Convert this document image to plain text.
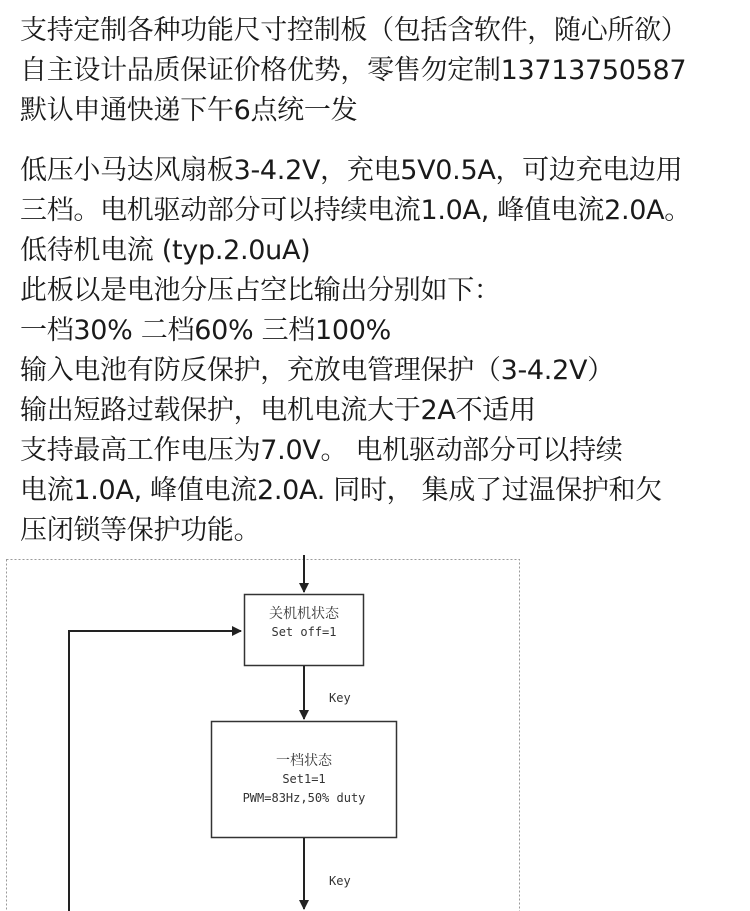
支持定制各种功能尺寸控制板（包括含软件，随心所欲）
自主设计品质保证价格优势，零售勿定制13713750587
默认申通快递下午6点统一发
低压小马达风扇板3-4.2V，充电5V0.5A，可边充电边用
三档。电机驱动部分可以持续电流1.0A, 峰值电流2.0A。
低待机电流 (typ.2.0uA)
此板以是电池分压占空比输出分别如下：
一档30% 二档60% 三档100%
输入电池有防反保护，充放电管理保护（3-4.2V）
输出短路过载保护，电机电流大于2A不适用
支持最高工作电压为7.0V。 电机驱动部分可以持续
电流1.0A, 峰值电流2.0A. 同时， 集成了过温保护和欠
压闭锁等保护功能。
关机机状态
Set off=1
Key
一档状态
Set1=1
PWM=83Hz,50% duty
Key
